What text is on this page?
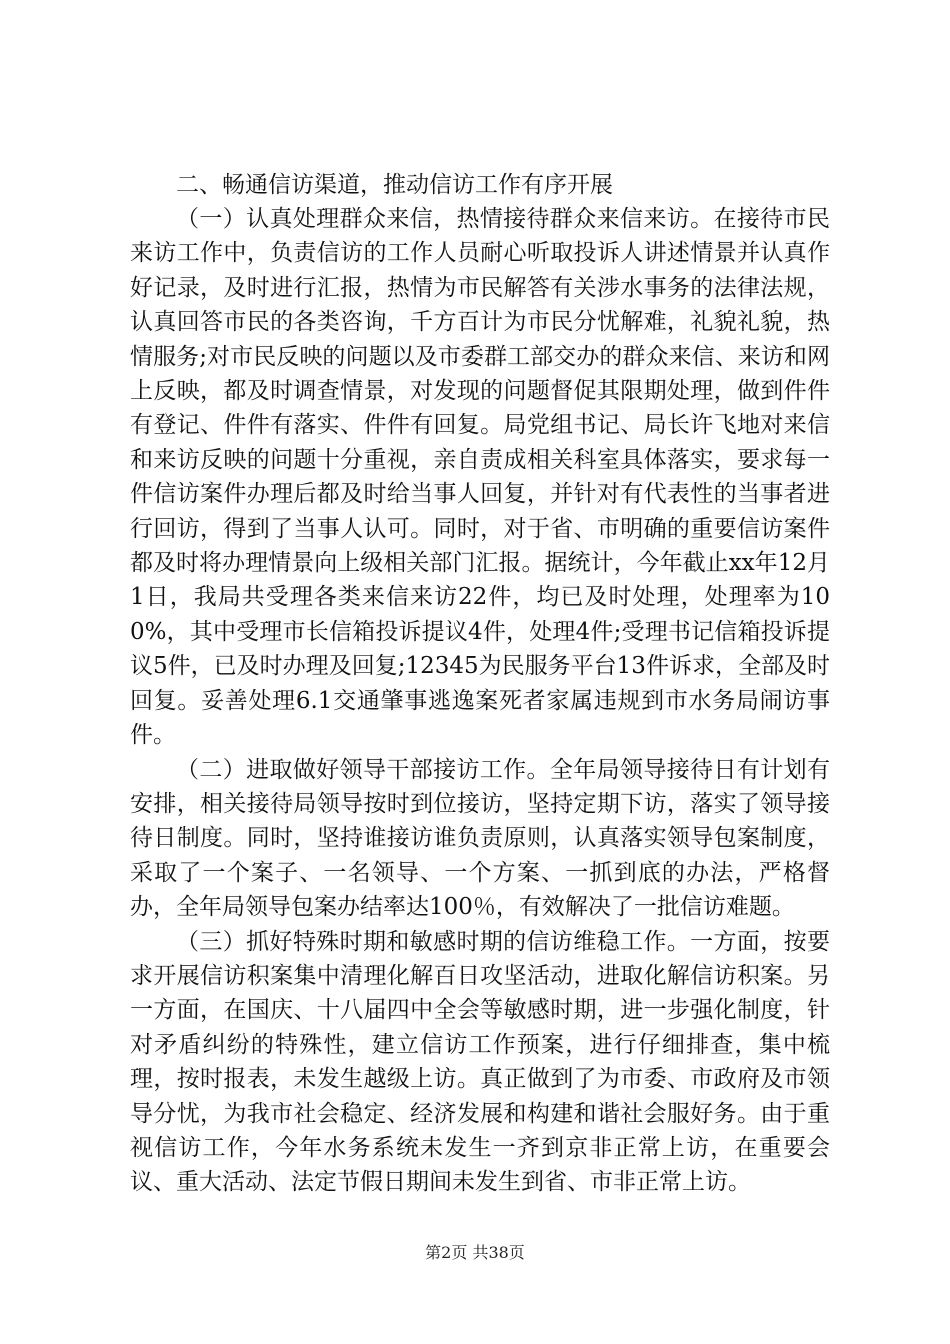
二、畅通信访渠道，推动信访工作有序开展

（一）认真处理群众来信，热情接待群众来信来访。在接待市民来访工作中，负责信访的工作人员耐心听取投诉人讲述情景并认真作好记录，及时进行汇报，热情为市民解答有关涉水事务的法律法规，认真回答市民的各类咨询，千方百计为市民分忧解难，礼貌礼貌，热情服务;对市民反映的问题以及市委群工部交办的群众来信、来访和网上反映，都及时调查情景，对发现的问题督促其限期处理，做到件件有登记、件件有落实、件件有回复。局党组书记、局长许飞地对来信和来访反映的问题十分重视，亲自责成相关科室具体落实，要求每一件信访案件办理后都及时给当事人回复，并针对有代表性的当事者进行回访，得到了当事人认可。同时，对于省、市明确的重要信访案件都及时将办理情景向上级相关部门汇报。据统计，今年截止xx年12月1日，我局共受理各类来信来访22件，均已及时处理，处理率为100%，其中受理市长信箱投诉提议4件，处理4件;受理书记信箱投诉提议5件，已及时办理及回复;12345为民服务平台13件诉求，全部及时回复。妥善处理6.1交通肇事逃逸案死者家属违规到市水务局闹访事件。

（二）进取做好领导干部接访工作。全年局领导接待日有计划有安排，相关接待局领导按时到位接访，坚持定期下访，落实了领导接待日制度。同时，坚持谁接访谁负责原则，认真落实领导包案制度，采取了一个案子、一名领导、一个方案、一抓到底的办法，严格督办，全年局领导包案办结率达100％，有效解决了一批信访难题。

（三）抓好特殊时期和敏感时期的信访维稳工作。一方面，按要求开展信访积案集中清理化解百日攻坚活动，进取化解信访积案。另一方面，在国庆、十八届四中全会等敏感时期，进一步强化制度，针对矛盾纠纷的特殊性，建立信访工作预案，进行仔细排查，集中梳理，按时报表，未发生越级上访。真正做到了为市委、市政府及市领导分忧，为我市社会稳定、经济发展和构建和谐社会服好务。由于重视信访工作，今年水务系统未发生一齐到京非正常上访，在重要会议、重大活动、法定节假日期间未发生到省、市非正常上访。

第2页 共38页
